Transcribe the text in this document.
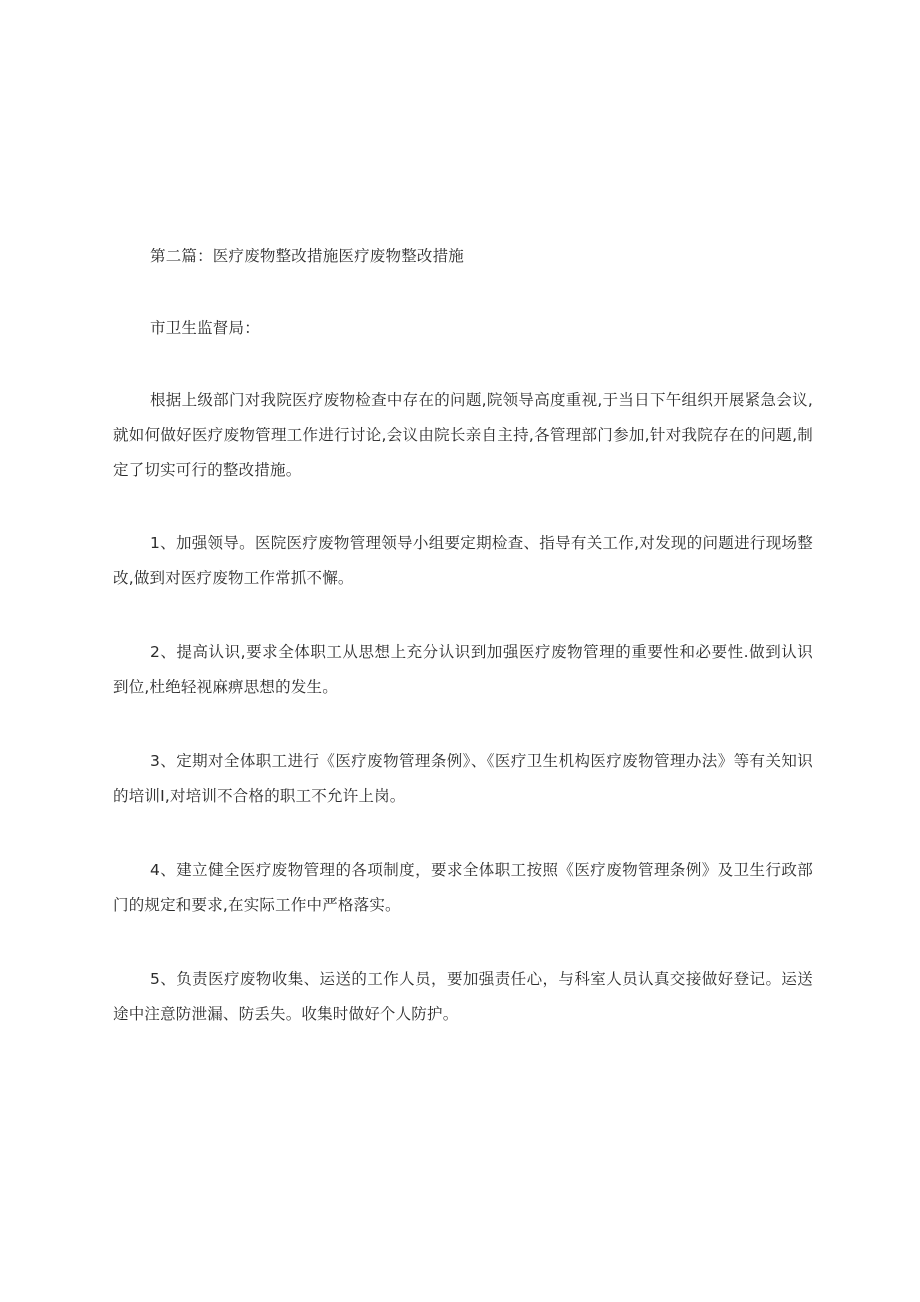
第二篇：医疗废物整改措施医疗废物整改措施

市卫生监督局：

根据上级部门对我院医疗废物检查中存在的问题,院领导高度重视,于当日下午组织开展紧急会议,就如何做好医疗废物管理工作进行讨论,会议由院长亲自主持,各管理部门参加,针对我院存在的问题,制定了切实可行的整改措施。

1、加强领导。医院医疗废物管理领导小组要定期检查、指导有关工作,对发现的问题进行现场整改,做到对医疗废物工作常抓不懈。

2、提高认识,要求全体职工从思想上充分认识到加强医疗废物管理的重要性和必要性.做到认识到位,杜绝轻视麻痹思想的发生。

3、定期对全体职工进行《医疗废物管理条例》、《医疗卫生机构医疗废物管理办法》等有关知识的培训I,对培训不合格的职工不允许上岗。

4、建立健全医疗废物管理的各项制度，要求全体职工按照《医疗废物管理条例》及卫生行政部门的规定和要求,在实际工作中严格落实。

5、负责医疗废物收集、运送的工作人员，要加强责任心，与科室人员认真交接做好登记。运送途中注意防泄漏、防丢失。收集时做好个人防护。
